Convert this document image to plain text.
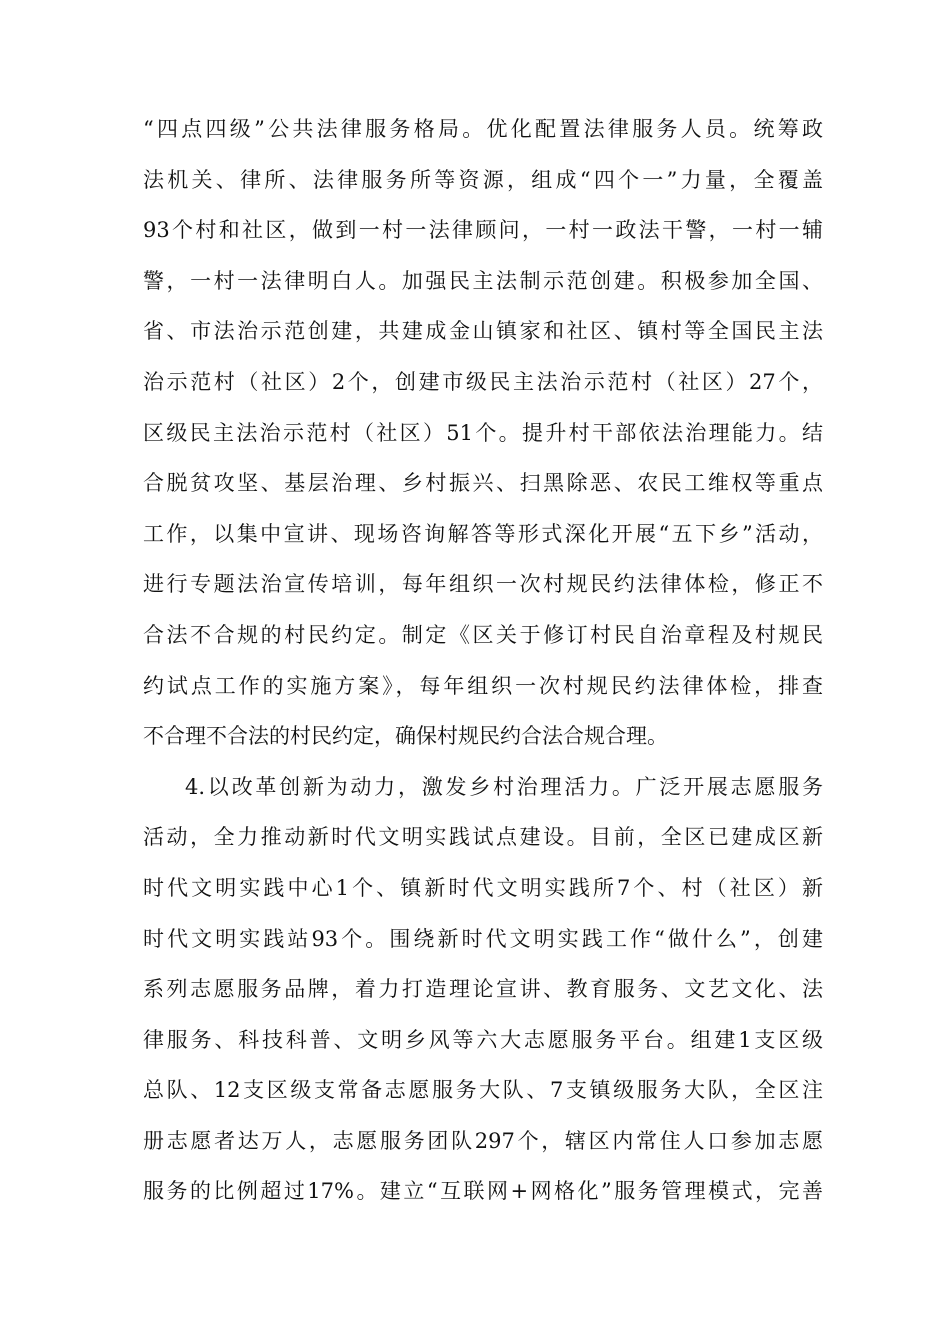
“四点四级”公共法律服务格局。优化配置法律服务人员。统筹政
法机关、律所、法律服务所等资源，组成“四个一”力量，全覆盖
93个村和社区，做到一村一法律顾问，一村一政法干警，一村一辅
警，一村一法律明白人。加强民主法制示范创建。积极参加全国、
省、市法治示范创建，共建成金山镇家和社区、镇村等全国民主法
治示范村（社区）2个，创建市级民主法治示范村（社区）27个，
区级民主法治示范村（社区）51个。提升村干部依法治理能力。结
合脱贫攻坚、基层治理、乡村振兴、扫黑除恶、农民工维权等重点
工作，以集中宣讲、现场咨询解答等形式深化开展“五下乡”活动，
进行专题法治宣传培训，每年组织一次村规民约法律体检，修正不
合法不合规的村民约定。制定《区关于修订村民自治章程及村规民
约试点工作的实施方案》，每年组织一次村规民约法律体检，排查
不合理不合法的村民约定，确保村规民约合法合规合理。
4.以改革创新为动力，激发乡村治理活力。广泛开展志愿服务
活动，全力推动新时代文明实践试点建设。目前，全区已建成区新
时代文明实践中心1个、镇新时代文明实践所7个、村（社区）新
时代文明实践站93个。围绕新时代文明实践工作“做什么”，创建
系列志愿服务品牌，着力打造理论宣讲、教育服务、文艺文化、法
律服务、科技科普、文明乡风等六大志愿服务平台。组建1支区级
总队、12支区级支常备志愿服务大队、7支镇级服务大队，全区注
册志愿者达万人，志愿服务团队297个，辖区内常住人口参加志愿
服务的比例超过17%。建立“互联网+网格化”服务管理模式，完善
